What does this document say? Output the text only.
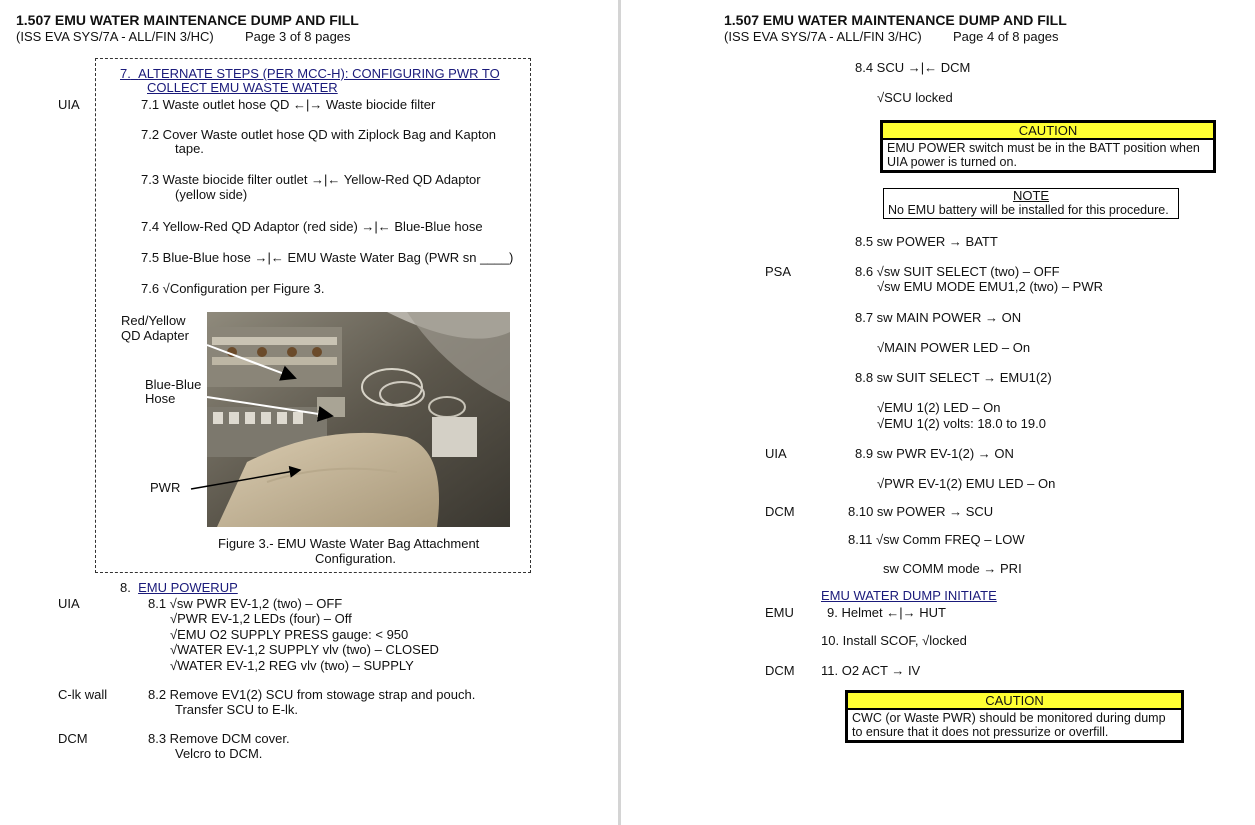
1.507 EMU WATER MAINTENANCE DUMP AND FILL
(ISS EVA SYS/7A - ALL/FIN 3/HC) Page 3 of 8 pages
7. ALTERNATE STEPS (PER MCC-H): CONFIGURING PWR TO
COLLECT EMU WASTE WATER
UIA	7.1 Waste outlet hose QD ←|→ Waste biocide filter
7.2 Cover Waste outlet hose QD with Ziplock Bag and Kapton
tape.
7.3 Waste biocide filter outlet →|← Yellow-Red QD Adaptor
(yellow side)
7.4 Yellow-Red QD Adaptor (red side) →|← Blue-Blue hose
7.5 Blue-Blue hose →|← EMU Waste Water Bag (PWR sn ____)
7.6 √Configuration per Figure 3.
Red/Yellow
QD Adapter
Blue-Blue
Hose
PWR
Figure 3.- EMU Waste Water Bag Attachment
Configuration.
8. EMU POWERUP
UIA	8.1 √sw PWR EV-1,2 (two) – OFF
√PWR EV-1,2 LEDs (four) – Off
√EMU O2 SUPPLY PRESS gauge: < 950
√WATER EV-1,2 SUPPLY vlv (two) – CLOSED
√WATER EV-1,2 REG vlv (two) – SUPPLY
C-lk wall	8.2 Remove EV1(2) SCU from stowage strap and pouch.
Transfer SCU to E-lk.
DCM	8.3 Remove DCM cover.
Velcro to DCM.
1.507 EMU WATER MAINTENANCE DUMP AND FILL
(ISS EVA SYS/7A - ALL/FIN 3/HC) Page 4 of 8 pages
8.4 SCU →|← DCM
√SCU locked
CAUTION
EMU POWER switch must be in the BATT position when
UIA power is turned on.
NOTE
No EMU battery will be installed for this procedure.
8.5 sw POWER → BATT
PSA	8.6 √sw SUIT SELECT (two) – OFF
√sw EMU MODE EMU1,2 (two) – PWR
8.7 sw MAIN POWER → ON
√MAIN POWER LED – On
8.8 sw SUIT SELECT → EMU1(2)
√EMU 1(2) LED – On
√EMU 1(2) volts: 18.0 to 19.0
UIA	8.9 sw PWR EV-1(2) → ON
√PWR EV-1(2) EMU LED – On
DCM	8.10 sw POWER → SCU
8.11 √sw Comm FREQ – LOW
sw COMM mode → PRI
EMU WATER DUMP INITIATE
EMU	9. Helmet ←|→ HUT
10. Install SCOF, √locked
DCM 11. O2 ACT → IV
CAUTION
CWC (or Waste PWR) should be monitored during dump
to ensure that it does not pressurize or overfill.
